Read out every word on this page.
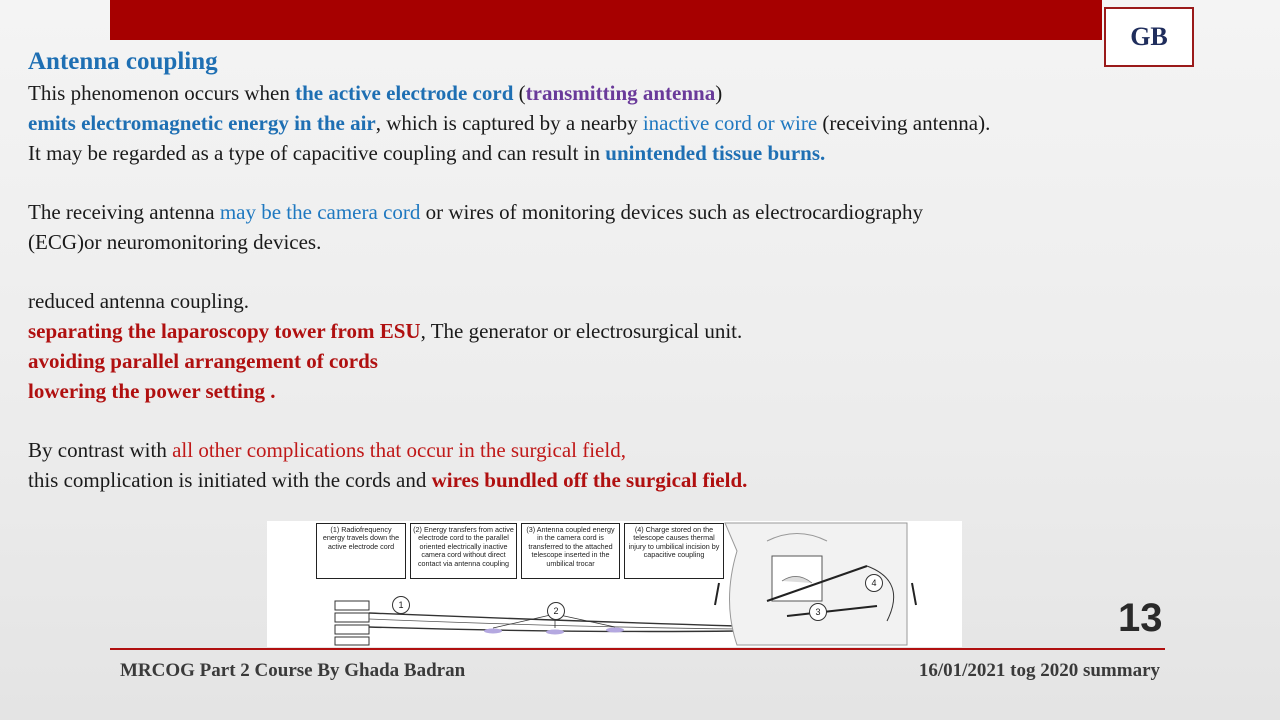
GB

Antenna coupling

This phenomenon occurs when the active electrode cord (transmitting antenna)

emits electromagnetic energy in the air, which is captured by a nearby inactive cord or wire (receiving antenna).

It may be regarded as a type of capacitive coupling and can result in unintended tissue burns.

The receiving antenna may be the camera cord or wires of monitoring devices such as electrocardiography

(ECG)or neuromonitoring devices.

reduced antenna coupling.

separating the laparoscopy tower from ESU, The generator or electrosurgical unit.

avoiding parallel arrangement of cords

lowering the power setting .

By contrast with all other complications that occur in the surgical field,

this complication is initiated with the cords and wires bundled off the surgical field.

(1) Radiofrequency energy travels down the active electrode cord
(2) Energy transfers from active electrode cord to the parallel oriented electrically inactive camera cord without direct contact via antenna coupling
(3) Antenna coupled energy in the camera cord is transferred to the attached telescope inserted in the umbilical trocar
(4) Charge stored on the telescope causes thermal injury to umbilical incision by capacitive coupling
1
2	3
4
13
MRCOG Part 2 Course By Ghada Badran	16/01/2021 tog 2020 summary
